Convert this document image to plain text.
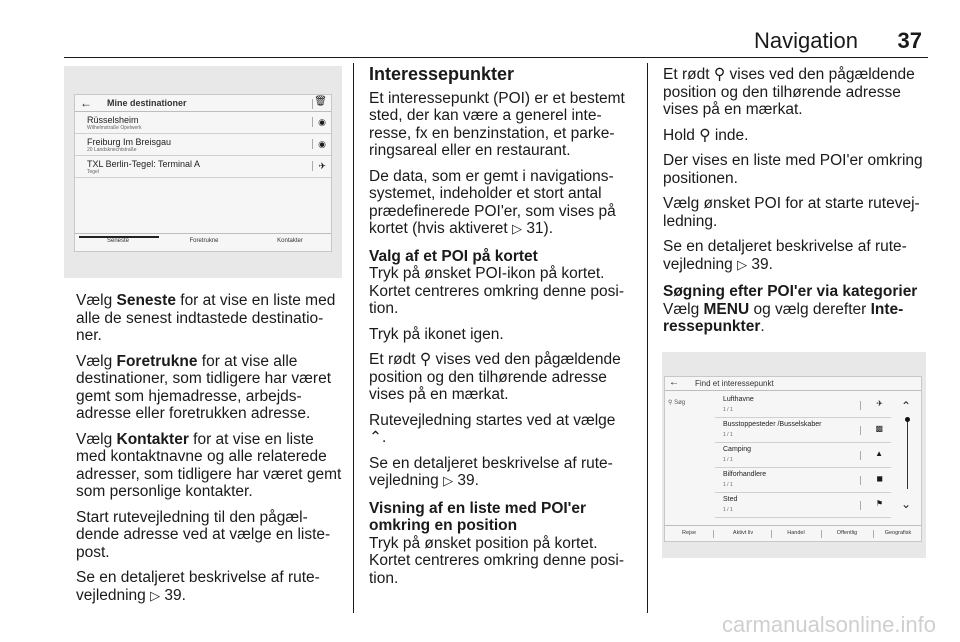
Navigation 37
← Mine destinationer	🗑
Rüsselsheim
Wilhelmstraße Opelwerk
◉
Freiburg Im Breisgau
20 Landsknechtstraße
◉
TXL Berlin-Tegel: Terminal A
Tegel
✈
Seneste	Foretrukne	Kontakter

Vælg Seneste for at vise en liste med alle de senest indtastede destinatio-ner.

Vælg Foretrukne for at vise alle destinationer, som tidligere har været gemt som hjemadresse, arbejds-adresse eller foretrukken adresse.

Vælg Kontakter for at vise en liste med kontaktnavne og alle relaterede adresser, som tidligere har været gemt som personlige kontakter.

Start rutevejledning til den pågæl-dende adresse ved at vælge en liste-post.

Se en detaljeret beskrivelse af rute-vejledning ▷ 39.

Interessepunkter

Et interessepunkt (POI) er et bestemt sted, der kan være a generel inte-resse, fx en benzinstation, et parke-ringsareal eller en restaurant.

De data, som er gemt i navigations-systemet, indeholder et stort antal prædefinerede POI'er, som vises på kortet (hvis aktiveret ▷ 31).

Valg af et POI på kortet

Tryk på ønsket POI-ikon på kortet. Kortet centreres omkring denne posi-tion.

Tryk på ikonet igen.

Et rødt ⚲ vises ved den pågældende position og den tilhørende adresse vises på en mærkat.

Rutevejledning startes ved at vælge
⌃.

Se en detaljeret beskrivelse af rute-vejledning ▷ 39.

Visning af en liste med POI'er omkring en position

Tryk på ønsket position på kortet. Kortet centreres omkring denne posi-tion.

Et rødt ⚲ vises ved den pågældende position og den tilhørende adresse vises på en mærkat.

Hold ⚲ inde.

Der vises en liste med POI'er omkring positionen.

Vælg ønsket POI for at starte rutevej-ledning.

Se en detaljeret beskrivelse af rute-vejledning ▷ 39.

Søgning efter POI'er via kategorier

Vælg MENU og vælg derefter Inte-ressepunkter.

← Find et interessepunkt
⚲ Søg	Lufthavne
1 / 1
✈
Busstoppesteder /Busselskaber
1 / 1
▩
Camping
1 / 1
▲
Bilforhandlere
1 / 1
◼
Sted
1 / 1
⚑
⌃
⌄
Rejse	Aktivt liv	Handel	Offentlig	Geografisk
carmanualsonline.info
